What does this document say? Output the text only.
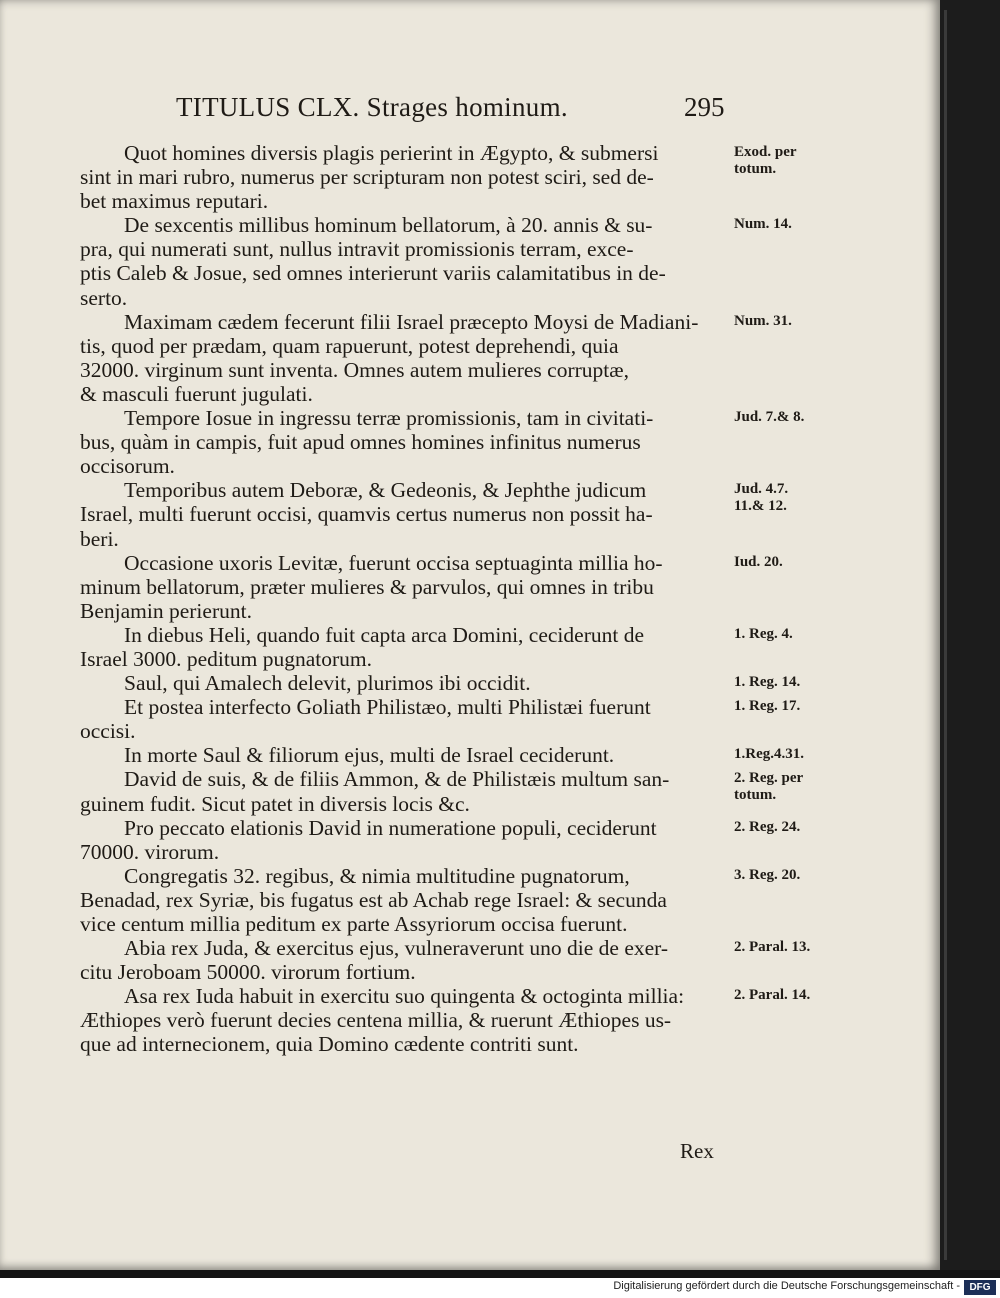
TITULUS CLX. Strages hominum.	295
Quot homines diversis plagis perierint in Ægypto, & submersi
sint in mari rubro, numerus per scripturam non potest sciri, sed de-
bet maximus reputari.
Exod. per
totum.
De sexcentis millibus hominum bellatorum, à 20. annis & su-
pra, qui numerati sunt, nullus intravit promissionis terram, exce-
ptis Caleb & Josue, sed omnes interierunt variis calamitatibus in de-
serto.
Num. 14.
Maximam cædem fecerunt filii Israel præcepto Moysi de Madiani-
tis, quod per prædam, quam rapuerunt, potest deprehendi, quia
32000. virginum sunt inventa. Omnes autem mulieres corruptæ,
& masculi fuerunt jugulati.
Num. 31.
Tempore Iosue in ingressu terræ promissionis, tam in civitati-
bus, quàm in campis, fuit apud omnes homines infinitus numerus
occisorum.
Jud. 7.& 8.
Temporibus autem Deboræ, & Gedeonis, & Jephthe judicum
Israel, multi fuerunt occisi, quamvis certus numerus non possit ha-
beri.
Jud. 4.7.
11.& 12.
Occasione uxoris Levitæ, fuerunt occisa septuaginta millia ho-
minum bellatorum, præter mulieres & parvulos, qui omnes in tribu
Benjamin perierunt.
Iud. 20.
In diebus Heli, quando fuit capta arca Domini, ceciderunt de
Israel 3000. peditum pugnatorum.
1. Reg. 4.
Saul, qui Amalech delevit, plurimos ibi occidit.	1. Reg. 14.
Et postea interfecto Goliath Philistæo, multi Philistæi fuerunt
occisi.
1. Reg. 17.
In morte Saul & filiorum ejus, multi de Israel ceciderunt.	1.Reg.4.31.
David de suis, & de filiis Ammon, & de Philistæis multum san-
guinem fudit. Sicut patet in diversis locis &c.
2. Reg. per
totum.
Pro peccato elationis David in numeratione populi, ceciderunt
70000. virorum.
2. Reg. 24.
Congregatis 32. regibus, & nimia multitudine pugnatorum,
Benadad, rex Syriæ, bis fugatus est ab Achab rege Israel: & secunda
vice centum millia peditum ex parte Assyriorum occisa fuerunt.
3. Reg. 20.
Abia rex Juda, & exercitus ejus, vulneraverunt uno die de exer-
citu Jeroboam 50000. virorum fortium.
2. Paral. 13.
Asa rex Iuda habuit in exercitu suo quingenta & octoginta millia:
Æthiopes verò fuerunt decies centena millia, & ruerunt Æthiopes us-
que ad internecionem, quia Domino cædente contriti sunt.
2. Paral. 14.
Rex
Digitalisierung gefördert durch die Deutsche Forschungsgemeinschaft - DFG
